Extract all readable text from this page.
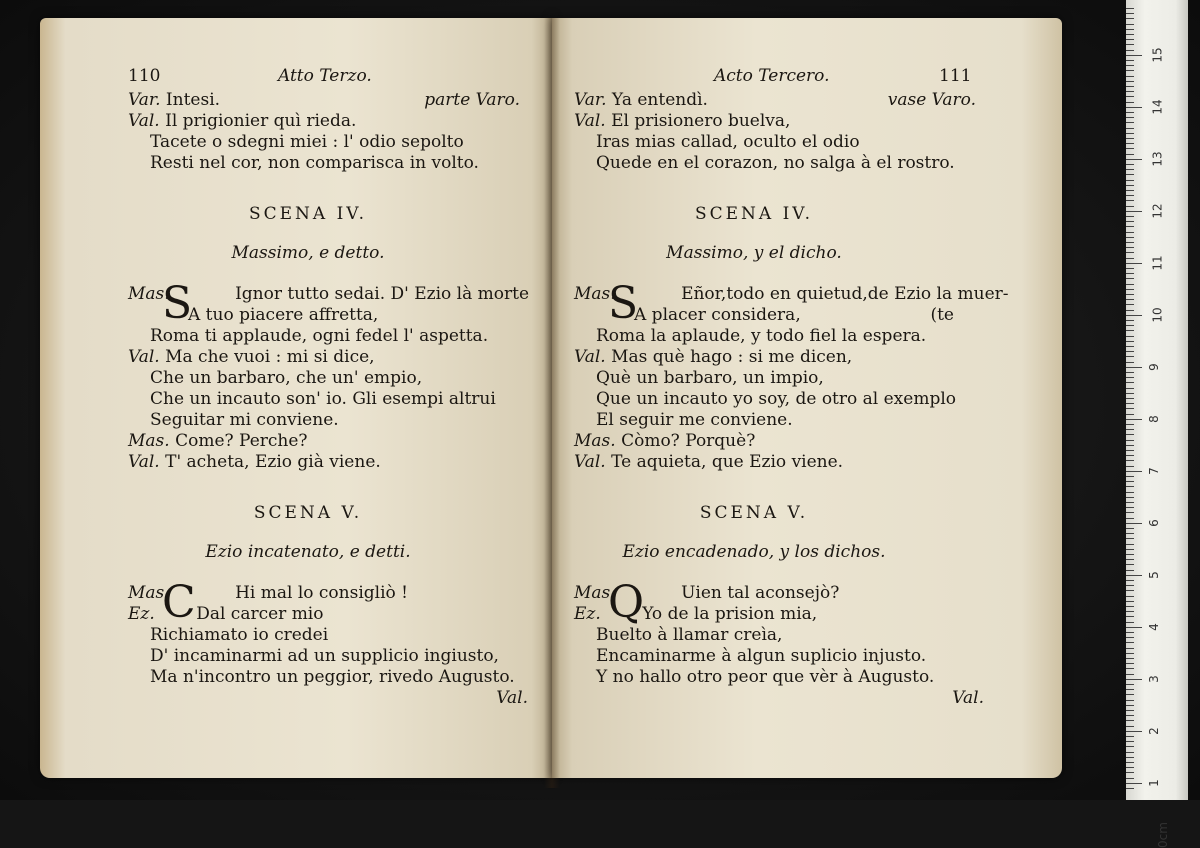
110	Atto Terzo.
Var. Intesi.	parte Varo.
Val. Il prigionier quì rieda.
Tacete o sdegni miei : l' odio sepolto
Resti nel cor, non comparisca in volto.
SCENA IV.
Massimo, e detto.
Mas.
S	Ignor tutto sedai. D' Ezio là morte
A tuo piacere affretta,
Roma ti applaude, ogni fedel l' aspetta.
Val. Ma che vuoi : mi si dice,
Che un barbaro, che un' empio,
Che un incauto son' io. Gli esempi altrui
Seguitar mi conviene.
Mas. Come? Perche?
Val. T' acheta, Ezio già viene.
SCENA V.
Ezio incatenato, e detti.
Mas.
C Hi mal lo consigliò !
Ez. Dal carcer mio
Richiamato io credei
D' incaminarmi ad un supplicio ingiusto,
Ma n'incontro un peggior, rivedo Augusto.
Val.
Acto Tercero.	111
Var. Ya entendì.	vase Varo.
Val. El prisionero buelva,
Iras mias callad, oculto el odio
Quede en el corazon, no salga à el rostro.
SCENA IV.
Massimo, y el dicho.
Mas.
S	Eñor,todo en quietud,de Ezio la muer-
A placer considera,	(te
Roma la aplaude, y todo fiel la espera.
Val. Mas què hago : si me dicen,
Què un barbaro, un impio,
Que un incauto yo soy, de otro al exemplo
El seguir me conviene.
Mas. Còmo? Porquè?
Val. Te aquieta, que Ezio viene.
SCENA V.
Ezio encadenado, y los dichos.
Mas.
Q Uien tal aconsejò?
Ez. Yo de la prision mia,
Buelto à llamar creìa,
Encaminarme à algun suplicio injusto.
Y no hallo otro peor que vèr à Augusto.
Val.
15
14
13
12
11
10
9
8
7
6
5
4
3
2
1
0cm
